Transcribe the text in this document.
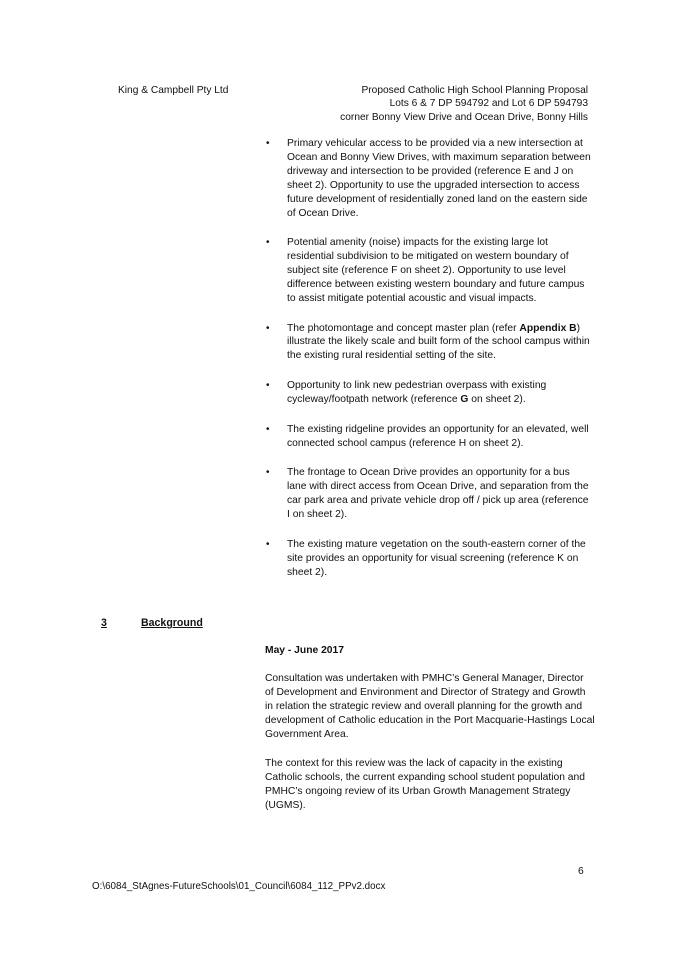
King & Campbell Pty Ltd	Proposed Catholic High School Planning Proposal
Lots 6 & 7 DP 594792 and Lot 6 DP 594793
corner Bonny View Drive and Ocean Drive, Bonny Hills
• Primary vehicular access to be provided via a new intersection at Ocean and Bonny View Drives, with maximum separation between driveway and intersection to be provided (reference E and J on sheet 2). Opportunity to use the upgraded intersection to access future development of residentially zoned land on the eastern side of Ocean Drive.
• Potential amenity (noise) impacts for the existing large lot residential subdivision to be mitigated on western boundary of subject site (reference F on sheet 2). Opportunity to use level difference between existing western boundary and future campus to assist mitigate potential acoustic and visual impacts.
• The photomontage and concept master plan (refer Appendix B) illustrate the likely scale and built form of the school campus within the existing rural residential setting of the site.
• Opportunity to link new pedestrian overpass with existing cycleway/footpath network (reference G on sheet 2).
• The existing ridgeline provides an opportunity for an elevated, well connected school campus (reference H on sheet 2).
• The frontage to Ocean Drive provides an opportunity for a bus lane with direct access from Ocean Drive, and separation from the car park area and private vehicle drop off / pick up area (reference I on sheet 2).
• The existing mature vegetation on the south-eastern corner of the site provides an opportunity for visual screening (reference K on sheet 2).
3	Background
May - June 2017
Consultation was undertaken with PMHC’s General Manager, Director of Development and Environment and Director of Strategy and Growth in relation the strategic review and overall planning for the growth and development of Catholic education in the Port Macquarie-Hastings Local Government Area.
The context for this review was the lack of capacity in the existing Catholic schools, the current expanding school student population and PMHC’s ongoing review of its Urban Growth Management Strategy (UGMS).
6
O:\6084_StAgnes-FutureSchools\01_Council\6084_112_PPv2.docx
